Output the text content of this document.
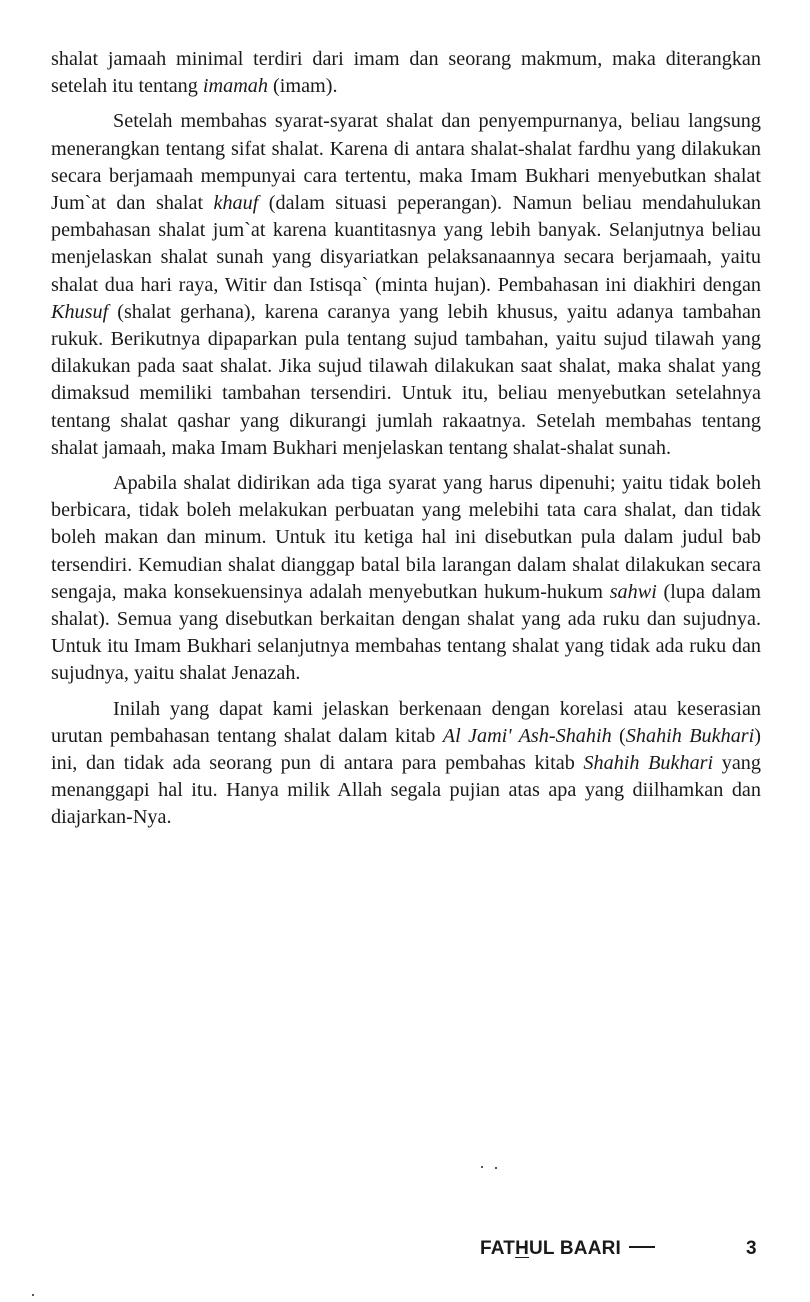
shalat jamaah minimal terdiri dari imam dan seorang makmum, maka diterangkan setelah itu tentang imamah (imam).

Setelah membahas syarat-syarat shalat dan penyempurnanya, beliau langsung menerangkan tentang sifat shalat. Karena di antara shalat-shalat fardhu yang dilakukan secara berjamaah mempunyai cara tertentu, maka Imam Bukhari menyebutkan shalat Jum`at dan shalat khauf (dalam situasi peperangan). Namun beliau mendahulukan pembahasan shalat jum`at karena kuantitasnya yang lebih banyak. Selanjutnya beliau menjelaskan shalat sunah yang disyariatkan pelaksanaannya secara berjamaah, yaitu shalat dua hari raya, Witir dan Istisqa` (minta hujan). Pembahasan ini diakhiri dengan Khusuf (shalat gerhana), karena caranya yang lebih khusus, yaitu adanya tambahan rukuk. Berikutnya dipaparkan pula tentang sujud tambahan, yaitu sujud tilawah yang dilakukan pada saat shalat. Jika sujud tilawah dilakukan saat shalat, maka shalat yang dimaksud memiliki tambahan tersendiri. Untuk itu, beliau menyebutkan setelahnya tentang shalat qashar yang dikurangi jumlah rakaatnya. Setelah membahas tentang shalat jamaah, maka Imam Bukhari menjelaskan tentang shalat-shalat sunah.

Apabila shalat didirikan ada tiga syarat yang harus dipenuhi; yaitu tidak boleh berbicara, tidak boleh melakukan perbuatan yang melebihi tata cara shalat, dan tidak boleh makan dan minum. Untuk itu ketiga hal ini disebutkan pula dalam judul bab tersendiri. Kemudian shalat dianggap batal bila larangan dalam shalat dilakukan secara sengaja, maka konsekuensinya adalah menyebutkan hukum-hukum sahwi (lupa dalam shalat). Semua yang disebutkan berkaitan dengan shalat yang ada ruku dan sujudnya. Untuk itu Imam Bukhari selanjutnya membahas tentang shalat yang tidak ada ruku dan sujudnya, yaitu shalat Jenazah.

Inilah yang dapat kami jelaskan berkenaan dengan korelasi atau keserasian urutan pembahasan tentang shalat dalam kitab Al Jami' Ash-Shahih (Shahih Bukhari) ini, dan tidak ada seorang pun di antara para pembahas kitab Shahih Bukhari yang menanggapi hal itu. Hanya milik Allah segala pujian atas apa yang diilhamkan dan diajarkan-Nya.

FATHUL BAARI	3
